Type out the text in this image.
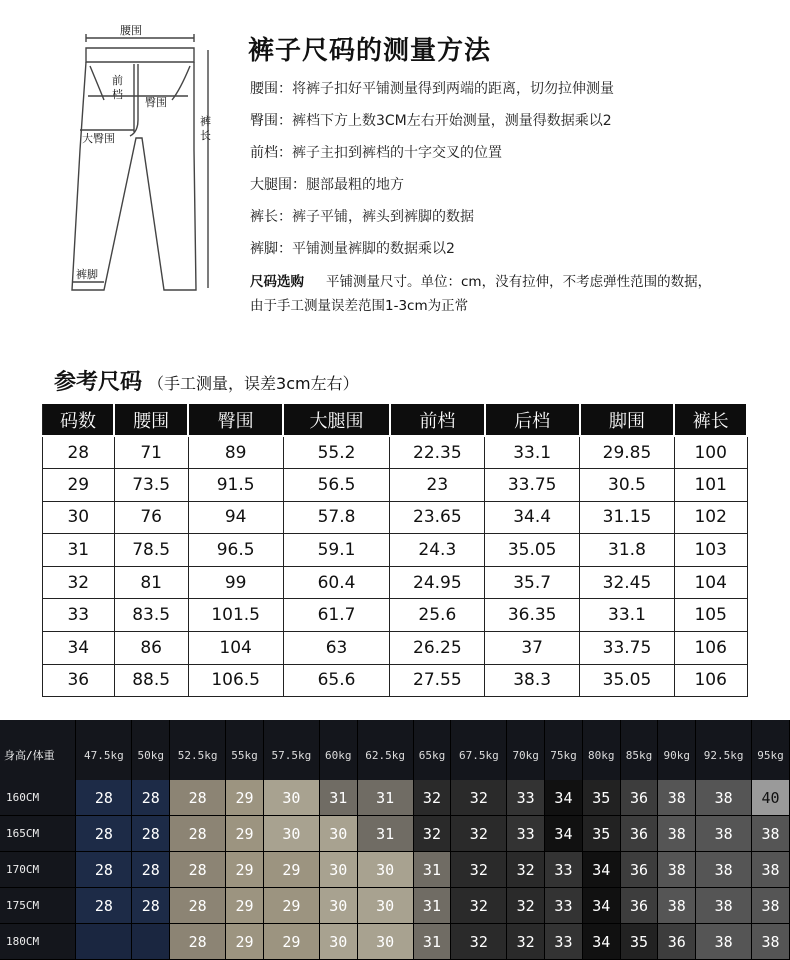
腰围
前
档
臀围
大臀围
裤
长
裤脚
裤子尺码的测量方法
腰围：将裤子扣好平铺测量得到两端的距离，切勿拉伸测量
臀围：裤档下方上数3CM左右开始测量，测量得数据乘以2
前档：裤子主扣到裤档的十字交叉的位置
大腿围：腿部最粗的地方
裤长：裤子平铺，裤头到裤脚的数据
裤脚：平铺测量裤脚的数据乘以2
尺码选购 平铺测量尺寸。单位：cm，没有拉伸，不考虑弹性范围的数据，
由于手工测量误差范围1-3cm为正常
参考尺码 （手工测量，误差3cm左右）
码数	腰围	臀围	大腿围	前档	后档	脚围	裤长
28	71	89	55.2	22.35	33.1	29.85	100
29	73.5	91.5	56.5	23	33.75	30.5	101
30	76	94	57.8	23.65	34.4	31.15	102
31	78.5	96.5	59.1	24.3	35.05	31.8	103
32	81	99	60.4	24.95	35.7	32.45	104
33	83.5	101.5	61.7	25.6	36.35	33.1	105
34	86	104	63	26.25	37	33.75	106
36	88.5	106.5	65.6	27.55	38.3	35.05	106
身高/体重	47.5kg	50kg	52.5kg	55kg	57.5kg	60kg	62.5kg	65kg	67.5kg	70kg	75kg	80kg	85kg	90kg	92.5kg	95kg
160CM	28	28	28	29	30	31	31	32	32	33	34	35	36	38	38	40
165CM	28	28	28	29	30	30	31	32	32	33	34	35	36	38	38	38
170CM	28	28	28	29	29	30	30	31	32	32	33	34	36	38	38	38
175CM	28	28	28	29	29	30	30	31	32	32	33	34	36	38	38	38
180CM			28	29	29	30	30	31	32	32	33	34	35	36	38	38
